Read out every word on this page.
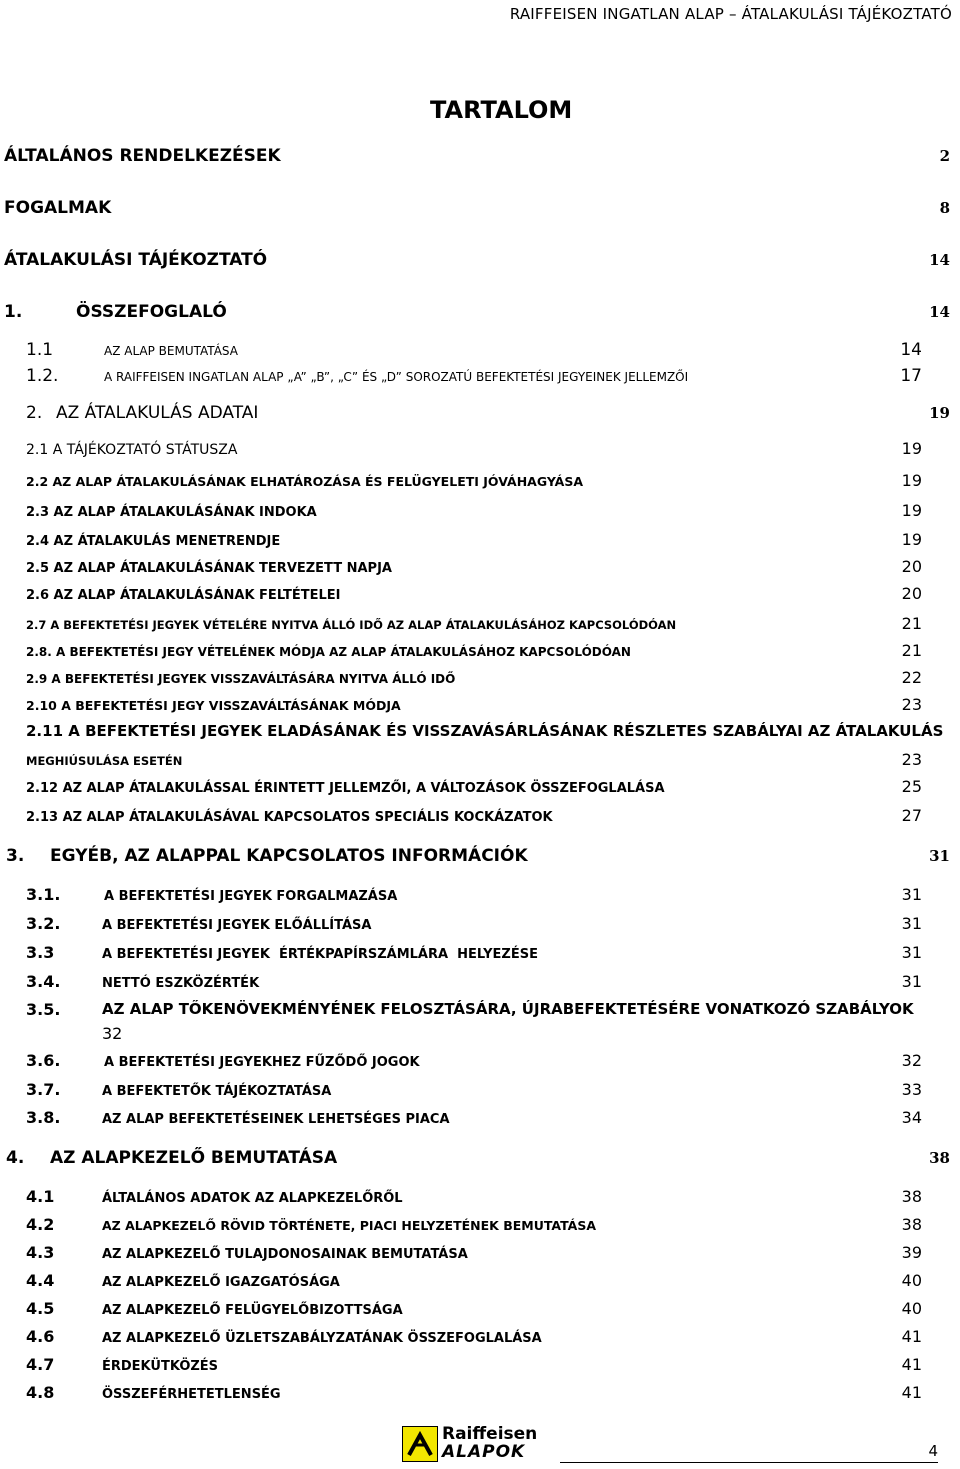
RAIFFEISEN INGATLAN ALAP – ÁTALAKULÁSI TÁJÉKOZTATÓ
TARTALOM
ÁLTALÁNOS RENDELKEZÉSEK	2
FOGALMAK	8
ÁTALAKULÁSI TÁJÉKOZTATÓ	14
1.	ÖSSZEFOGLALÓ	14
1.1	AZ ALAP BEMUTATÁSA	14
1.2.	A RAIFFEISEN INGATLAN ALAP „A” „B”, „C” ÉS „D” SOROZATÚ BEFEKTETÉSI JEGYEINEK JELLEMZŐI	17
2. AZ ÁTALAKULÁS ADATAI	19
2.1 A TÁJÉKOZTATÓ STÁTUSZA	19
2.2 AZ ALAP ÁTALAKULÁSÁNAK ELHATÁROZÁSA ÉS FELÜGYELETI JÓVÁHAGYÁSA	19
2.3 AZ ALAP ÁTALAKULÁSÁNAK INDOKA	19
2.4 AZ ÁTALAKULÁS MENETRENDJE	19
2.5 AZ ALAP ÁTALAKULÁSÁNAK TERVEZETT NAPJA	20
2.6 AZ ALAP ÁTALAKULÁSÁNAK FELTÉTELEI	20
2.7 A BEFEKTETÉSI JEGYEK VÉTELÉRE NYITVA ÁLLÓ IDŐ AZ ALAP ÁTALAKULÁSÁHOZ KAPCSOLÓDÓAN	21
2.8. A BEFEKTETÉSI JEGY VÉTELÉNEK MÓDJA AZ ALAP ÁTALAKULÁSÁHOZ KAPCSOLÓDÓAN	21
2.9 A BEFEKTETÉSI JEGYEK VISSZAVÁLTÁSÁRA NYITVA ÁLLÓ IDŐ	22
2.10 A BEFEKTETÉSI JEGY VISSZAVÁLTÁSÁNAK MÓDJA	23
2.11 A BEFEKTETÉSI JEGYEK ELADÁSÁNAK ÉS VISSZAVÁSÁRLÁSÁNAK RÉSZLETES SZABÁLYAI AZ ÁTALAKULÁS
MEGHIÚSULÁSA ESETÉN	23
2.12 AZ ALAP ÁTALAKULÁSSAL ÉRINTETT JELLEMZŐI, A VÁLTOZÁSOK ÖSSZEFOGLALÁSA	25
2.13 AZ ALAP ÁTALAKULÁSÁVAL KAPCSOLATOS SPECIÁLIS KOCKÁZATOK	27
3.	EGYÉB, AZ ALAPPAL KAPCSOLATOS INFORMÁCIÓK	31
3.1.	A BEFEKTETÉSI JEGYEK FORGALMAZÁSA	31
3.2.	A BEFEKTETÉSI JEGYEK ELŐÁLLÍTÁSA	31
3.3	A BEFEKTETÉSI JEGYEK  ÉRTÉKPAPÍRSZÁMLÁRA  HELYEZÉSE	31
3.4.	NETTÓ ESZKÖZÉRTÉK	31
3.5.	AZ ALAP TŐKENÖVEKMÉNYÉNEK FELOSZTÁSÁRA, ÚJRABEFEKTETÉSÉRE VONATKOZÓ SZABÁLYOK
32
3.6.	A BEFEKTETÉSI JEGYEKHEZ FŰZŐDŐ JOGOK	32
3.7.	A BEFEKTETŐK TÁJÉKOZTATÁSA	33
3.8.	AZ ALAP BEFEKTETÉSEINEK LEHETSÉGES PIACA	34
4.	AZ ALAPKEZELŐ BEMUTATÁSA	38
4.1	ÁLTALÁNOS ADATOK AZ ALAPKEZELŐRŐL	38
4.2	AZ ALAPKEZELŐ RÖVID TÖRTÉNETE, PIACI HELYZETÉNEK BEMUTATÁSA	38
4.3	AZ ALAPKEZELŐ TULAJDONOSAINAK BEMUTATÁSA	39
4.4	AZ ALAPKEZELŐ IGAZGATÓSÁGA	40
4.5	AZ ALAPKEZELŐ FELÜGYELŐBIZOTTSÁGA	40
4.6	AZ ALAPKEZELŐ ÜZLETSZABÁLYZATÁNAK ÖSSZEFOGLALÁSA	41
4.7	ÉRDEKÜTKÖZÉS	41
4.8	ÖSSZEFÉRHETETLENSÉG	41
Raiffeisen
ALAPOK	4
